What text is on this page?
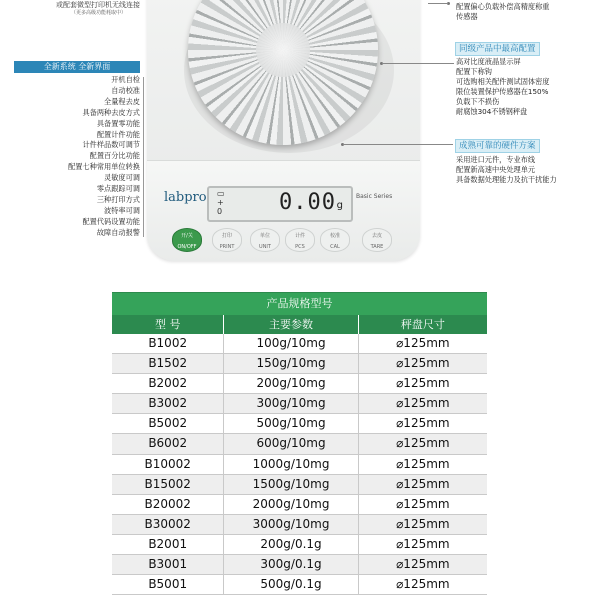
或配套微型打印机无线连接
（更多高级功能耗取中）
labpro	Basic Series
▭
+
0	0.00 g
开/关
ON/OFF
打印
PRINT
单位
UNIT
计件
PCS
校准
CAL
去皮
TARE
全新系统 全新界面
开机自检
自动校准
全量程去皮
具备两种去皮方式
具备置零功能
配置计件功能
计件样品数可调节
配置百分比功能
配置七种常用单位转换
灵敏度可调
零点跟踪可调
三种打印方式
波特率可调
配置代码设置功能
故障自动报警
配置偏心负载补偿高精度称重
传感器
同级产品中最高配置
高对比度液晶显示屏
配置下称钩
可选购相关配件测试固体密度
限位装置保护传感器在150%
负载下不损伤
耐腐蚀304不锈钢秤盘
成熟可靠的硬件方案
采用进口元件，专业布线
配置新高速中央处理单元
具备数据处理能力及抗干扰能力
产品规格型号
型 号	主要参数	秤盘尺寸
B1002	100g/10mg	⌀125mm
B1502	150g/10mg	⌀125mm
B2002	200g/10mg	⌀125mm
B3002	300g/10mg	⌀125mm
B5002	500g/10mg	⌀125mm
B6002	600g/10mg	⌀125mm
B10002	1000g/10mg	⌀125mm
B15002	1500g/10mg	⌀125mm
B20002	2000g/10mg	⌀125mm
B30002	3000g/10mg	⌀125mm
B2001	200g/0.1g	⌀125mm
B3001	300g/0.1g	⌀125mm
B5001	500g/0.1g	⌀125mm
